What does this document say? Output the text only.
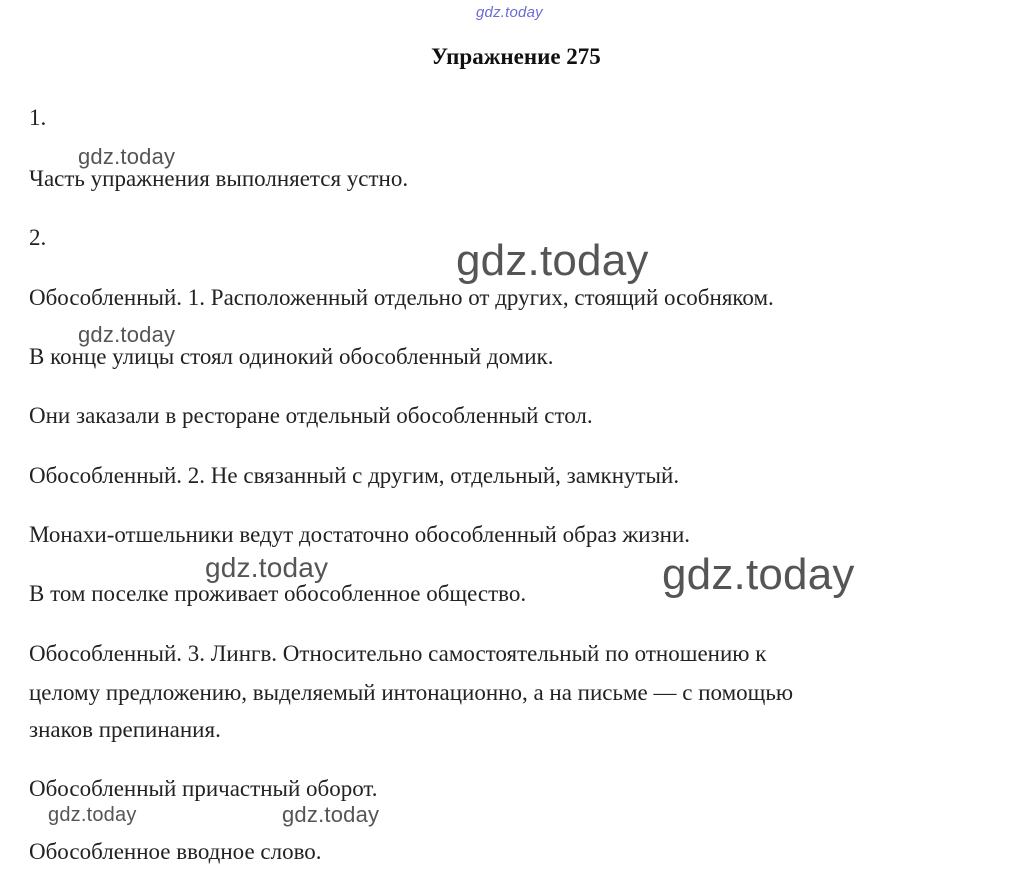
gdz.today
Упражнение 275
1.
gdz.today
Часть упражнения выполняется устно.
2.	gdz.today
Обособленный. 1. Расположенный отдельно от других, стоящий особняком.
gdz.today
В конце улицы стоял одинокий обособленный домик.
Они заказали в ресторане отдельный обособленный стол.
Обособленный. 2. Не связанный с другим, отдельный, замкнутый.
Монахи-отшельники ведут достаточно обособленный образ жизни.
gdz.today	gdz.today
В том поселке проживает обособленное общество.
Обособленный. 3. Лингв. Относительно самостоятельный по отношению к
целому предложению, выделяемый интонационно, а на письме — с помощью
знаков препинания.
Обособленный причастный оборот.
gdz.today	gdz.today
Обособленное вводное слово.
